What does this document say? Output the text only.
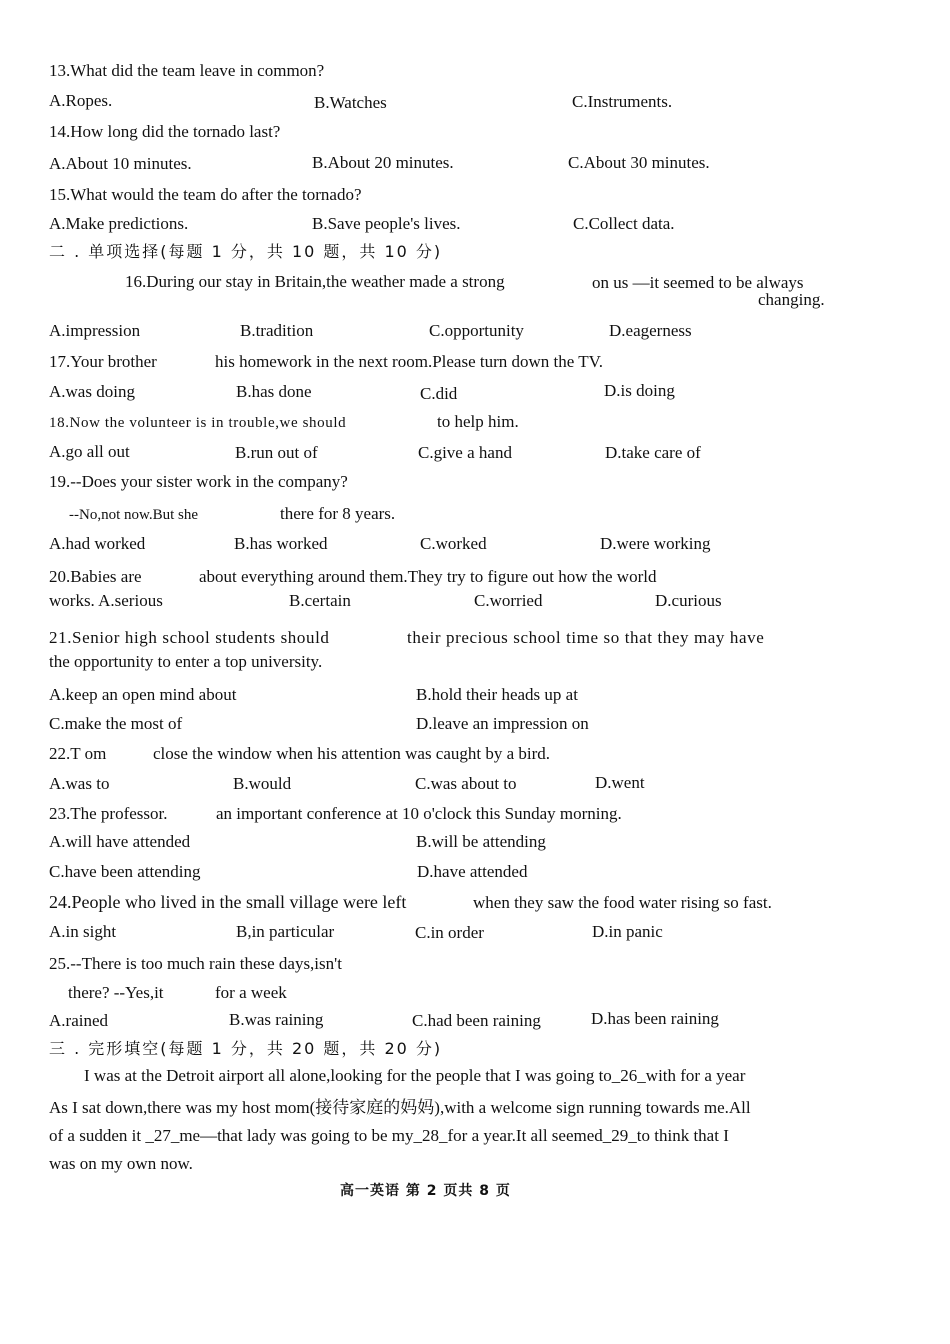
13.What did the team leave in common?
A.Ropes.	B.Watches	C.Instruments.
14.How long did the tornado last?
A.About 10 minutes.	B.About 20 minutes.	C.About 30 minutes.
15.What would the team do after the tornado?
A.Make predictions.	B.Save people's lives.	C.Collect data.
二 . 单项选择(每题 1 分，共 10 题，共 10 分)
16.During our stay in Britain,the weather made a strong	on us —it seemed to be always
changing.
A.impression	B.tradition	C.opportunity	D.eagerness
17.Your brother	his homework in the next room.Please turn down the TV.
A.was doing	B.has done	C.did	D.is doing
18.Now the volunteer is in trouble,we should	to help him.
A.go all out	B.run out of	C.give a hand	D.take care of
19.--Does your sister work in the company?
--No,not now.But she	there for 8 years.
A.had worked	B.has worked	C.worked	D.were working
20.Babies are	about everything around them.They try to figure out how the world
works. A.serious	B.certain	C.worried	D.curious
21.Senior high school students should	their precious school time so that they may have
the opportunity to enter a top university.
A.keep an open mind about	B.hold their heads up at
C.make the most of	D.leave an impression on
22.T om	close the window when his attention was caught by a bird.
A.was to	B.would	C.was about to	D.went
23.The professor.	an important conference at 10 o'clock this Sunday morning.
A.will have attended	B.will be attending
C.have been attending	D.have attended
24.People who lived in the small village were left	when they saw the food water rising so fast.
A.in sight	B,in particular	C.in order	D.in panic
25.--There is too much rain these days,isn't
there? --Yes,it	for a week
A.rained	B.was raining	C.had been raining	D.has been raining
三 . 完形填空(每题 1 分，共 20 题，共 20 分)
I was at the Detroit airport all alone,looking for the people that I was going to_26_with for a year
As I sat down,there was my host mom(接待家庭的妈妈),with a welcome sign running towards me.All
of a sudden it _27_me—that lady was going to be my_28_for a year.It all seemed_29_to think that I
was on my own now.
高一英语 第 2 页共 8 页
